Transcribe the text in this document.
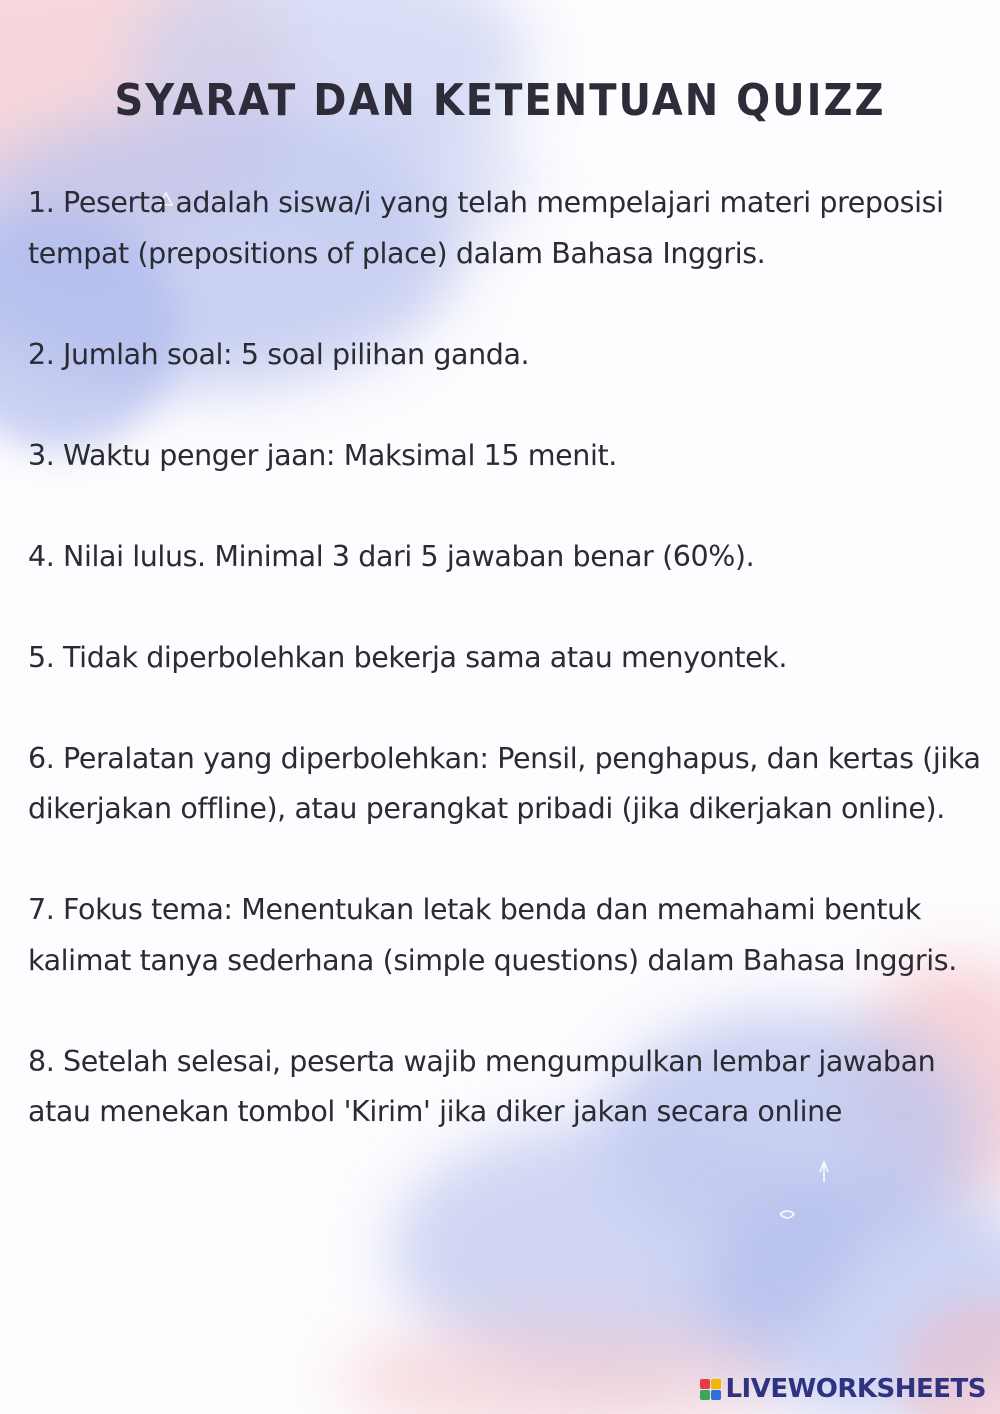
SYARAT DAN KETENTUAN QUIZZ
1. Peserta adalah siswa/i yang telah mempelajari materi preposisi tempat (prepositions of place) dalam Bahasa Inggris.
2. Jumlah soal: 5 soal pilihan ganda.
3. Waktu penger jaan: Maksimal 15 menit.
4. Nilai lulus. Minimal 3 dari 5 jawaban benar (60%).
5. Tidak diperbolehkan bekerja sama atau menyontek.
6. Peralatan yang diperbolehkan: Pensil, penghapus, dan kertas (jika dikerjakan offline), atau perangkat pribadi (jika dikerjakan online).
7. Fokus tema: Menentukan letak benda dan memahami bentuk kalimat tanya sederhana (simple questions) dalam Bahasa Inggris.
8. Setelah selesai, peserta wajib mengumpulkan lembar jawaban atau menekan tombol 'Kirim' jika diker jakan secara online
LIVEWORKSHEETS
